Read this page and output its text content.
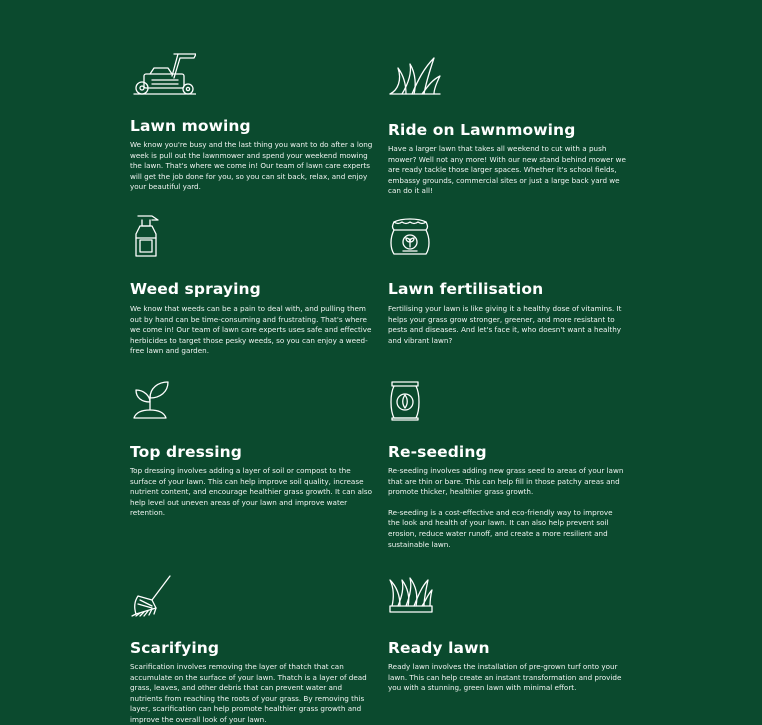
Lawn mowing

We know you're busy and the last thing you want to do after a long week is pull out the lawnmower and spend your weekend mowing the lawn. That's where we come in! Our team of lawn care experts will get the job done for you, so you can sit back, relax, and enjoy your beautiful yard.

Ride on Lawnmowing

Have a larger lawn that takes all weekend to cut with a push mower? Well not any more! With our new stand behind mower we are ready tackle those larger spaces. Whether it's school fields, embassy grounds, commercial sites or just a large back yard we can do it all!

Weed spraying

We know that weeds can be a pain to deal with, and pulling them out by hand can be time-consuming and frustrating. That's where we come in! Our team of lawn care experts uses safe and effective herbicides to target those pesky weeds, so you can enjoy a weed-free lawn and garden.

Lawn fertilisation

Fertilising your lawn is like giving it a healthy dose of vitamins. It helps your grass grow stronger, greener, and more resistant to pests and diseases. And let's face it, who doesn't want a healthy and vibrant lawn?

Top dressing

Top dressing involves adding a layer of soil or compost to the surface of your lawn. This can help improve soil quality, increase nutrient content, and encourage healthier grass growth. It can also help level out uneven areas of your lawn and improve water retention.

Re-seeding

Re-seeding involves adding new grass seed to areas of your lawn that are thin or bare. This can help fill in those patchy areas and promote thicker, healthier grass growth.

Re-seeding is a cost-effective and eco-friendly way to improve the look and health of your lawn. It can also help prevent soil erosion, reduce water runoff, and create a more resilient and sustainable lawn.

Scarifying

Scarification involves removing the layer of thatch that can accumulate on the surface of your lawn. Thatch is a layer of dead grass, leaves, and other debris that can prevent water and nutrients from reaching the roots of your grass. By removing this layer, scarification can help promote healthier grass growth and improve the overall look of your lawn.

Ready lawn

Ready lawn involves the installation of pre-grown turf onto your lawn. This can help create an instant transformation and provide you with a stunning, green lawn with minimal effort.
